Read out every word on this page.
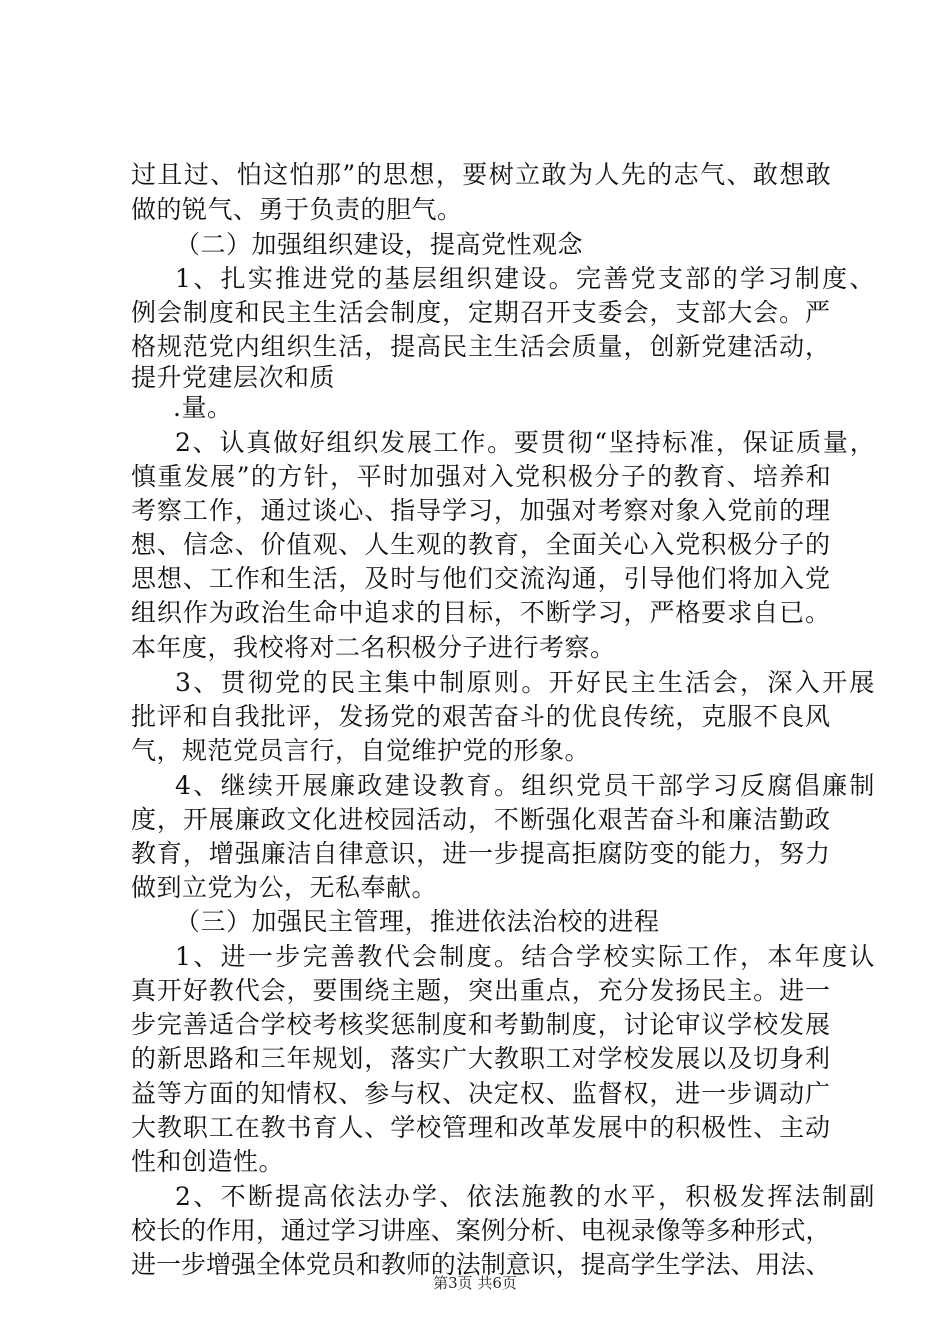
过且过、怕这怕那”的思想，要树立敢为人先的志气、敢想敢
做的锐气、勇于负责的胆气。
（二）加强组织建设，提高党性观念
1、扎实推进党的基层组织建设。完善党支部的学习制度、
例会制度和民主生活会制度，定期召开支委会，支部大会。严
格规范党内组织生活，提高民主生活会质量，创新党建活动，
提升党建层次和质
.量。
2、认真做好组织发展工作。要贯彻“坚持标准，保证质量，
慎重发展”的方针，平时加强对入党积极分子的教育、培养和
考察工作，通过谈心、指导学习，加强对考察对象入党前的理
想、信念、价值观、人生观的教育，全面关心入党积极分子的
思想、工作和生活，及时与他们交流沟通，引导他们将加入党
组织作为政治生命中追求的目标，不断学习，严格要求自已。
本年度，我校将对二名积极分子进行考察。
3、贯彻党的民主集中制原则。开好民主生活会，深入开展
批评和自我批评，发扬党的艰苦奋斗的优良传统，克服不良风
气，规范党员言行，自觉维护党的形象。
4、继续开展廉政建设教育。组织党员干部学习反腐倡廉制
度，开展廉政文化进校园活动，不断强化艰苦奋斗和廉洁勤政
教育，增强廉洁自律意识，进一步提高拒腐防变的能力，努力
做到立党为公，无私奉献。
（三）加强民主管理，推进依法治校的进程
1、进一步完善教代会制度。结合学校实际工作，本年度认
真开好教代会，要围绕主题，突出重点，充分发扬民主。进一
步完善适合学校考核奖惩制度和考勤制度，讨论审议学校发展
的新思路和三年规划，落实广大教职工对学校发展以及切身利
益等方面的知情权、参与权、决定权、监督权，进一步调动广
大教职工在教书育人、学校管理和改革发展中的积极性、主动
性和创造性。
2、不断提高依法办学、依法施教的水平，积极发挥法制副
校长的作用，通过学习讲座、案例分析、电视录像等多种形式，
进一步增强全体党员和教师的法制意识，提高学生学法、用法、
第3页 共6页
